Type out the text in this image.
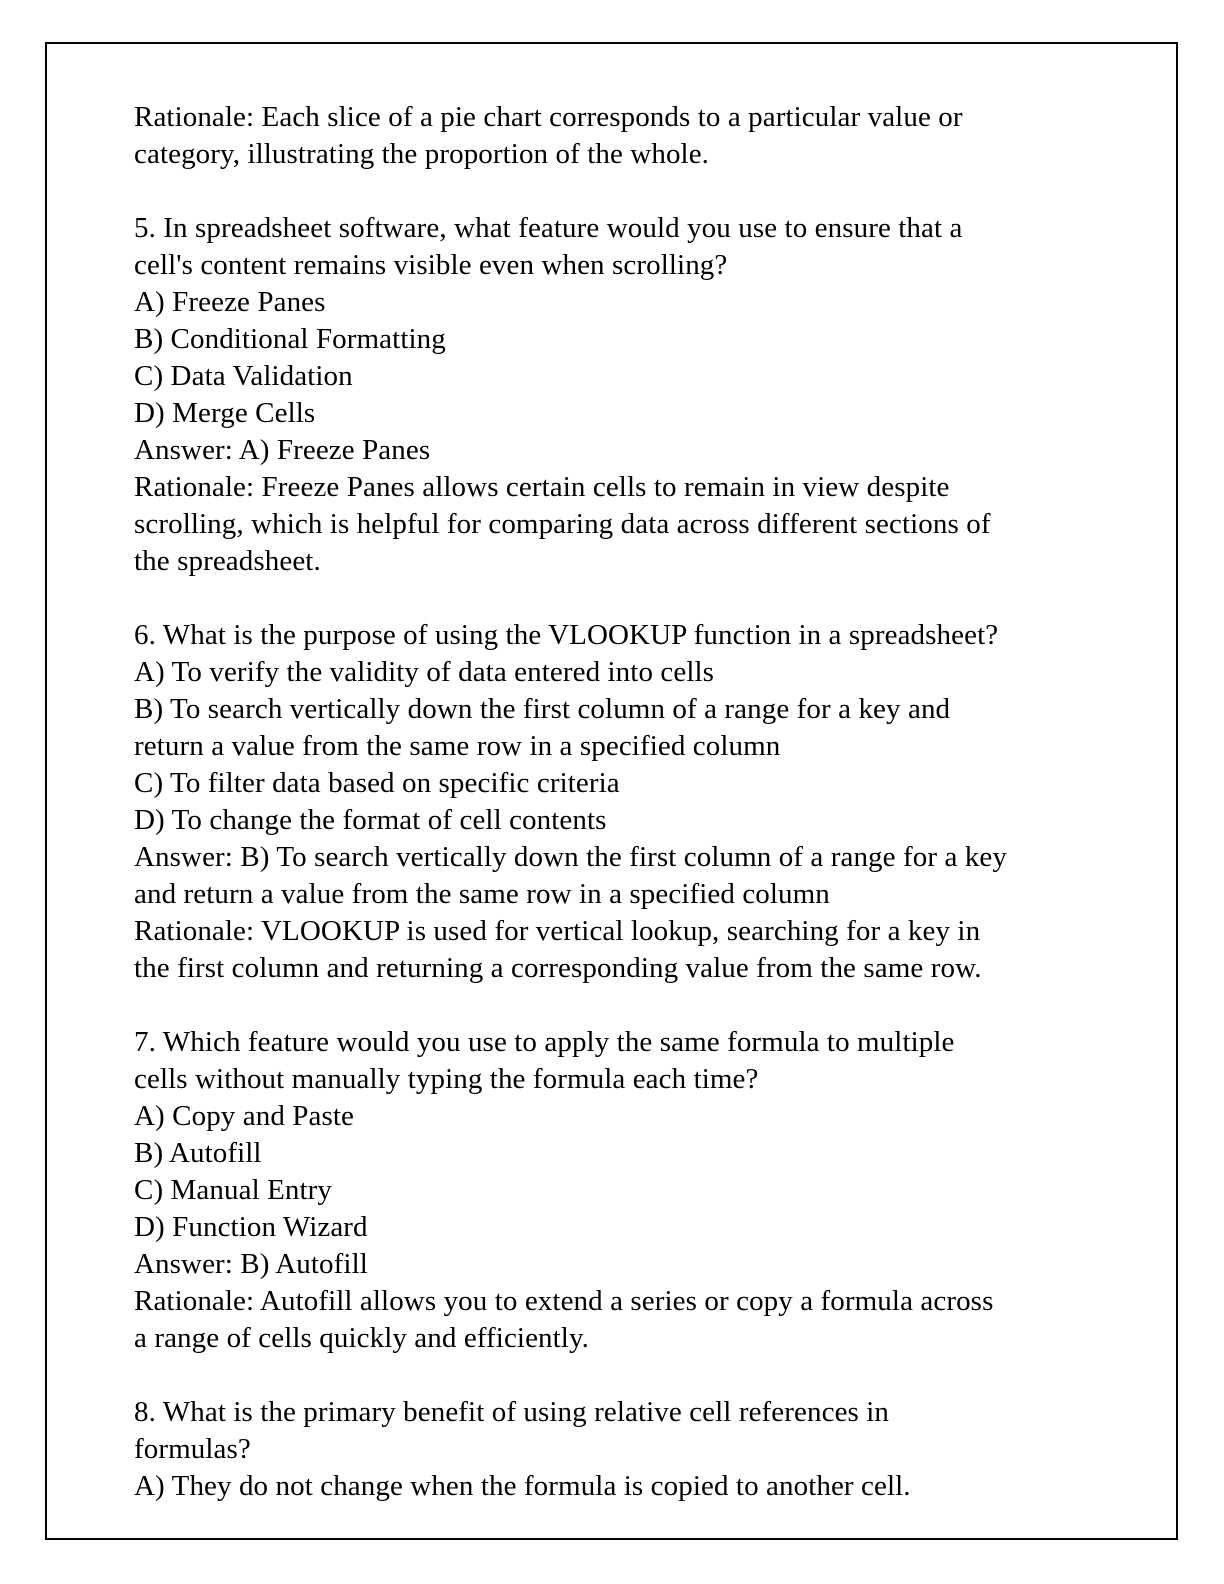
Rationale: Each slice of a pie chart corresponds to a particular value or
category, illustrating the proportion of the whole.

5. In spreadsheet software, what feature would you use to ensure that a
cell's content remains visible even when scrolling?
A) Freeze Panes
B) Conditional Formatting
C) Data Validation
D) Merge Cells
Answer: A) Freeze Panes
Rationale: Freeze Panes allows certain cells to remain in view despite
scrolling, which is helpful for comparing data across different sections of
the spreadsheet.

6. What is the purpose of using the VLOOKUP function in a spreadsheet?
A) To verify the validity of data entered into cells
B) To search vertically down the first column of a range for a key and
return a value from the same row in a specified column
C) To filter data based on specific criteria
D) To change the format of cell contents
Answer: B) To search vertically down the first column of a range for a key
and return a value from the same row in a specified column
Rationale: VLOOKUP is used for vertical lookup, searching for a key in
the first column and returning a corresponding value from the same row.

7. Which feature would you use to apply the same formula to multiple
cells without manually typing the formula each time?
A) Copy and Paste
B) Autofill
C) Manual Entry
D) Function Wizard
Answer: B) Autofill
Rationale: Autofill allows you to extend a series or copy a formula across
a range of cells quickly and efficiently.

8. What is the primary benefit of using relative cell references in
formulas?
A) They do not change when the formula is copied to another cell.
